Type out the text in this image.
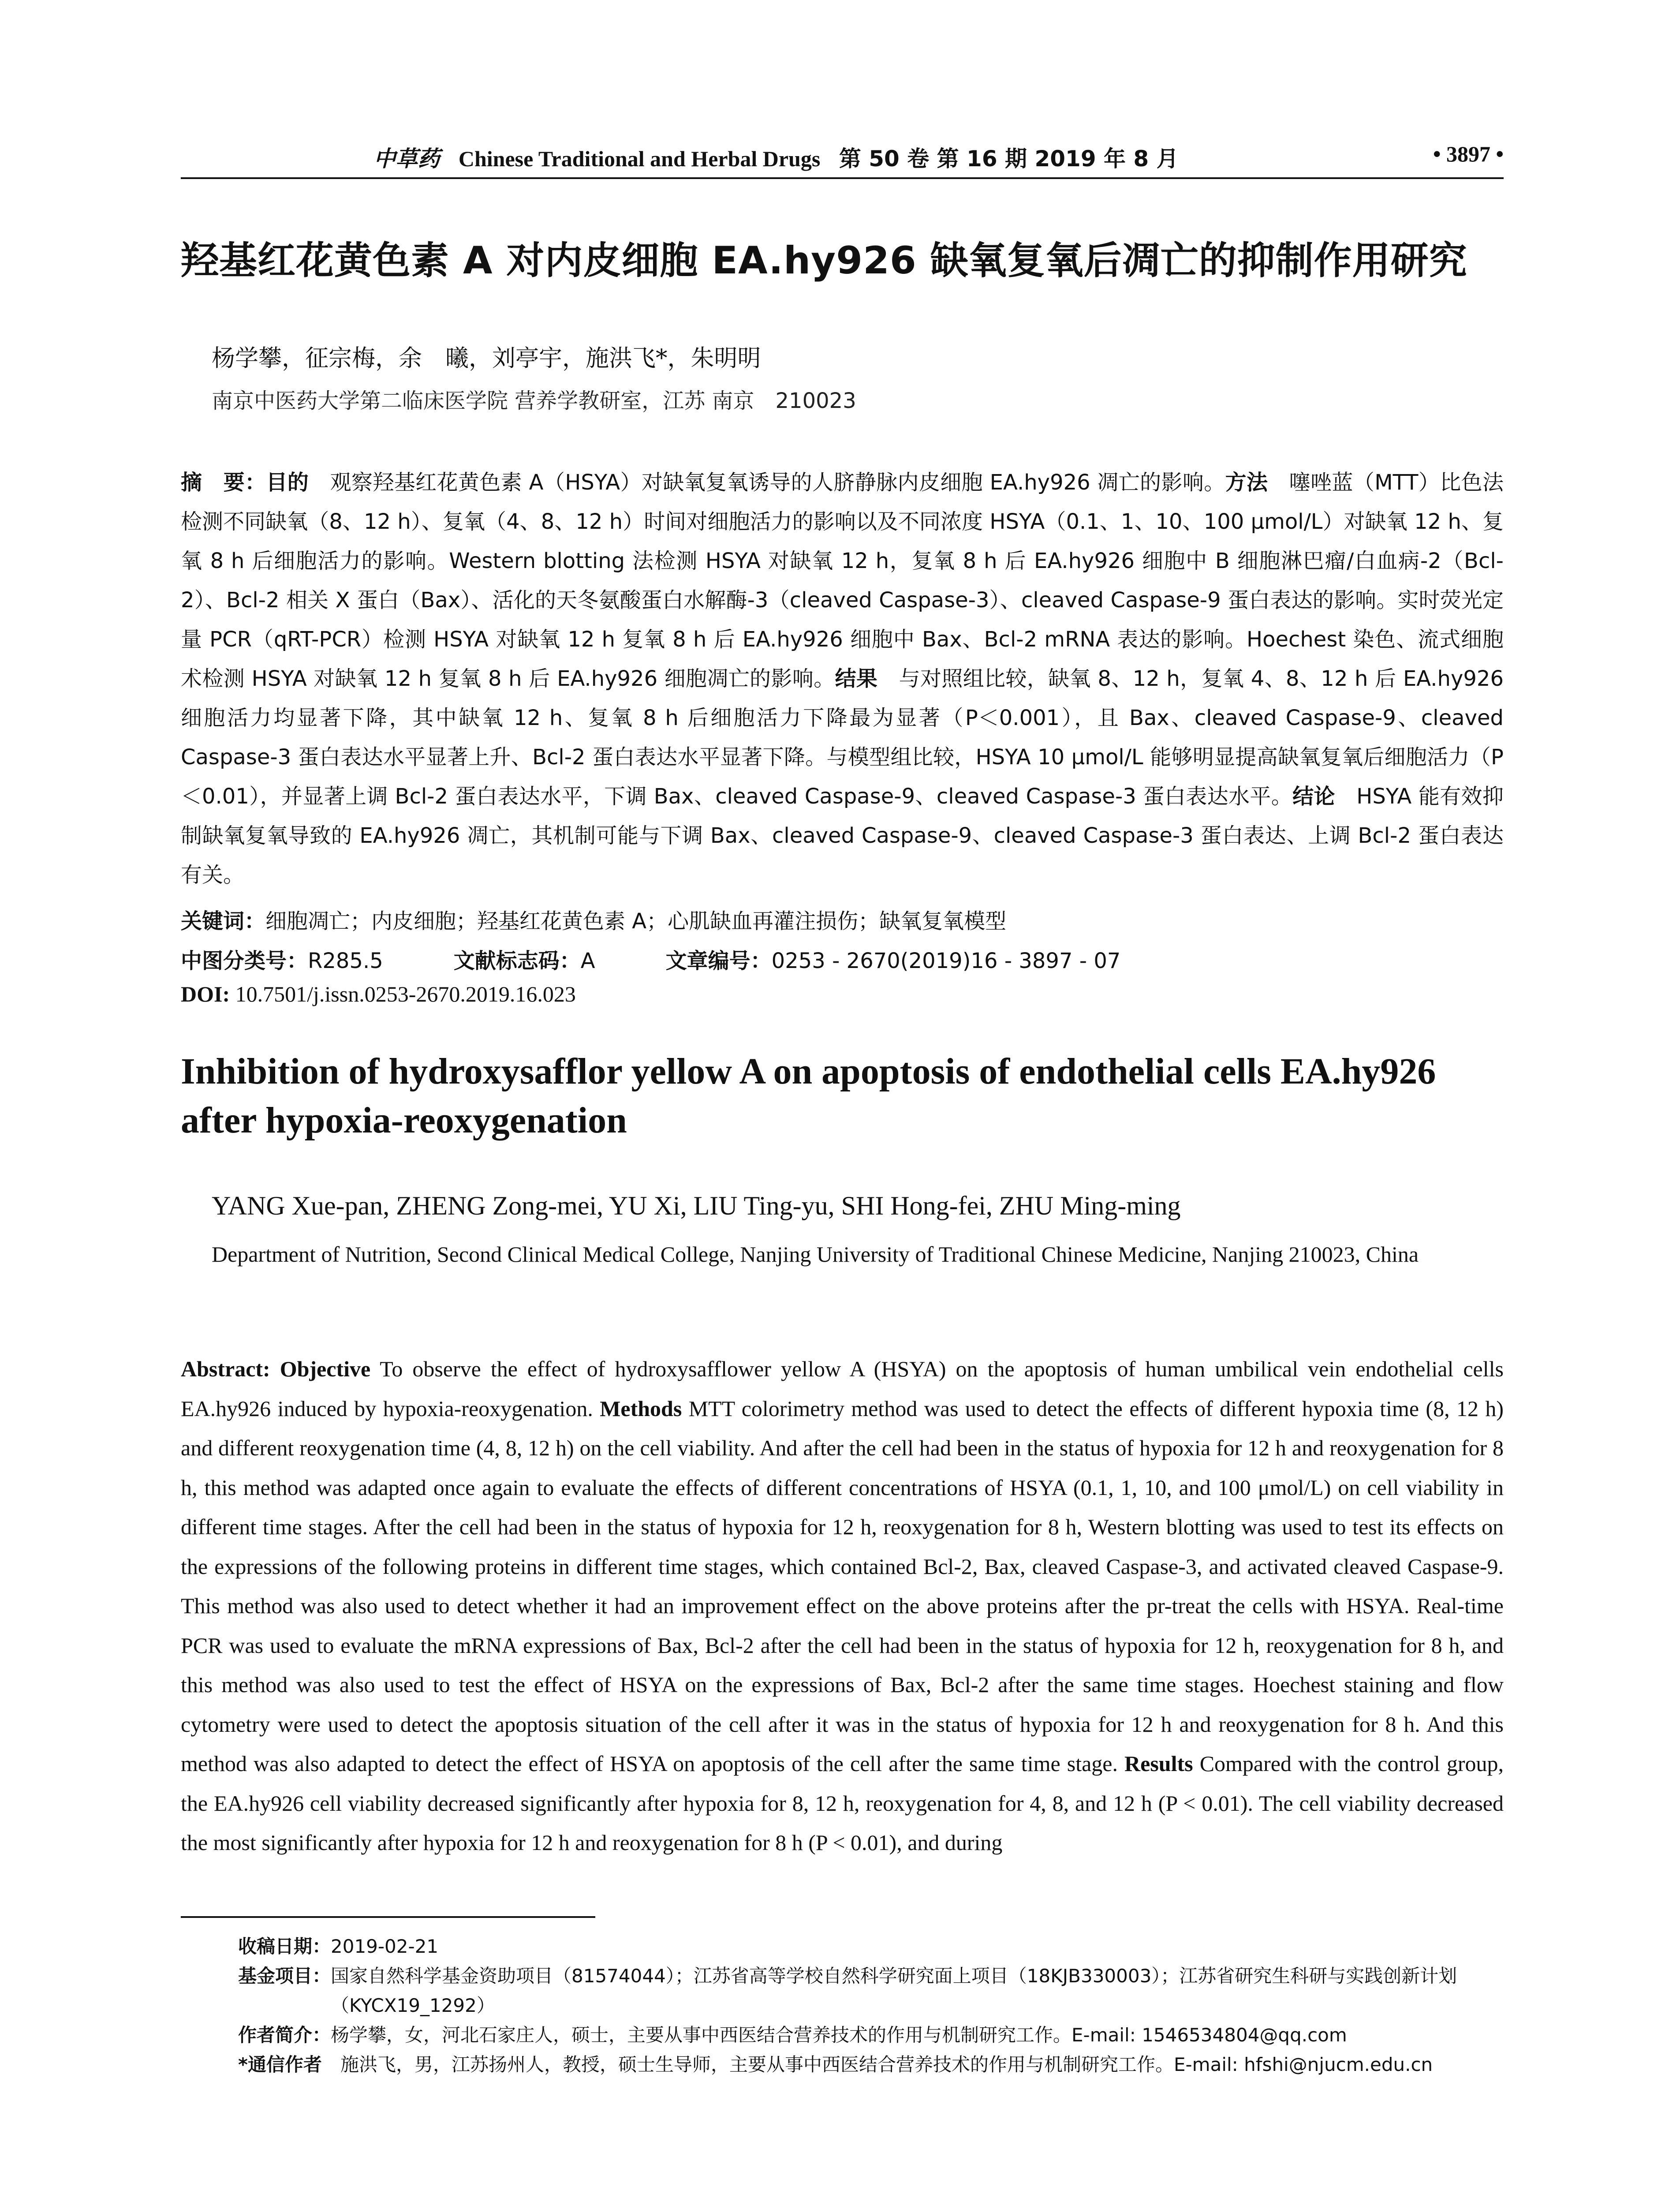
中草药 Chinese Traditional and Herbal Drugs 第 50 卷 第 16 期 2019 年 8 月	• 3897 •
羟基红花黄色素 A 对内皮细胞 EA.hy926 缺氧复氧后凋亡的抑制作用研究
杨学攀，征宗梅，余　曦，刘亭宇，施洪飞*，朱明明
南京中医药大学第二临床医学院 营养学教研室，江苏 南京　210023
摘　要：目的　观察羟基红花黄色素 A（HSYA）对缺氧复氧诱导的人脐静脉内皮细胞 EA.hy926 凋亡的影响。方法　噻唑蓝（MTT）比色法检测不同缺氧（8、12 h）、复氧（4、8、12 h）时间对细胞活力的影响以及不同浓度 HSYA（0.1、1、10、100 μmol/L）对缺氧 12 h、复氧 8 h 后细胞活力的影响。Western blotting 法检测 HSYA 对缺氧 12 h，复氧 8 h 后 EA.hy926 细胞中 B 细胞淋巴瘤/白血病-2（Bcl-2）、Bcl-2 相关 X 蛋白（Bax）、活化的天冬氨酸蛋白水解酶-3（cleaved Caspase-3）、cleaved Caspase-9 蛋白表达的影响。实时荧光定量 PCR（qRT-PCR）检测 HSYA 对缺氧 12 h 复氧 8 h 后 EA.hy926 细胞中 Bax、Bcl-2 mRNA 表达的影响。Hoechest 染色、流式细胞术检测 HSYA 对缺氧 12 h 复氧 8 h 后 EA.hy926 细胞凋亡的影响。结果　与对照组比较，缺氧 8、12 h，复氧 4、8、12 h 后 EA.hy926 细胞活力均显著下降，其中缺氧 12 h、复氧 8 h 后细胞活力下降最为显著（P＜0.001），且 Bax、cleaved Caspase-9、cleaved Caspase-3 蛋白表达水平显著上升、Bcl-2 蛋白表达水平显著下降。与模型组比较，HSYA 10 μmol/L 能够明显提高缺氧复氧后细胞活力（P＜0.01），并显著上调 Bcl-2 蛋白表达水平，下调 Bax、cleaved Caspase-9、cleaved Caspase-3 蛋白表达水平。结论　HSYA 能有效抑制缺氧复氧导致的 EA.hy926 凋亡，其机制可能与下调 Bax、cleaved Caspase-9、cleaved Caspase-3 蛋白表达、上调 Bcl-2 蛋白表达有关。
关键词：细胞凋亡；内皮细胞；羟基红花黄色素 A；心肌缺血再灌注损伤；缺氧复氧模型
中图分类号：R285.5	文献标志码：A	文章编号：0253 - 2670(2019)16 - 3897 - 07
DOI: 10.7501/j.issn.0253-2670.2019.16.023
Inhibition of hydroxysafflor yellow A on apoptosis of endothelial cells EA.hy926 after hypoxia-reoxygenation
YANG Xue-pan, ZHENG Zong-mei, YU Xi, LIU Ting-yu, SHI Hong-fei, ZHU Ming-ming
Department of Nutrition, Second Clinical Medical College, Nanjing University of Traditional Chinese Medicine, Nanjing 210023, China
Abstract: Objective To observe the effect of hydroxysafflower yellow A (HSYA) on the apoptosis of human umbilical vein endothelial cells EA.hy926 induced by hypoxia-reoxygenation. Methods MTT colorimetry method was used to detect the effects of different hypoxia time (8, 12 h) and different reoxygenation time (4, 8, 12 h) on the cell viability. And after the cell had been in the status of hypoxia for 12 h and reoxygenation for 8 h, this method was adapted once again to evaluate the effects of different concentrations of HSYA (0.1, 1, 10, and 100 μmol/L) on cell viability in different time stages. After the cell had been in the status of hypoxia for 12 h, reoxygenation for 8 h, Western blotting was used to test its effects on the expressions of the following proteins in different time stages, which contained Bcl-2, Bax, cleaved Caspase-3, and activated cleaved Caspase-9. This method was also used to detect whether it had an improvement effect on the above proteins after the pr-treat the cells with HSYA. Real-time PCR was used to evaluate the mRNA expressions of Bax, Bcl-2 after the cell had been in the status of hypoxia for 12 h, reoxygenation for 8 h, and this method was also used to test the effect of HSYA on the expressions of Bax, Bcl-2 after the same time stages. Hoechest staining and flow cytometry were used to detect the apoptosis situation of the cell after it was in the status of hypoxia for 12 h and reoxygenation for 8 h. And this method was also adapted to detect the effect of HSYA on apoptosis of the cell after the same time stage. Results Compared with the control group, the EA.hy926 cell viability decreased significantly after hypoxia for 8, 12 h, reoxygenation for 4, 8, and 12 h (P < 0.01). The cell viability decreased the most significantly after hypoxia for 12 h and reoxygenation for 8 h (P < 0.01), and during
收稿日期： 2019-02-21
基金项目： 国家自然科学基金资助项目（81574044）；江苏省高等学校自然科学研究面上项目（18KJB330003）；江苏省研究生科研与实践创新计划（KYCX19_1292）
作者简介： 杨学攀，女，河北石家庄人，硕士，主要从事中西医结合营养技术的作用与机制研究工作。E-mail: 1546534804@qq.com
*通信作者　 施洪飞，男，江苏扬州人，教授，硕士生导师，主要从事中西医结合营养技术的作用与机制研究工作。E-mail: hfshi@njucm.edu.cn
